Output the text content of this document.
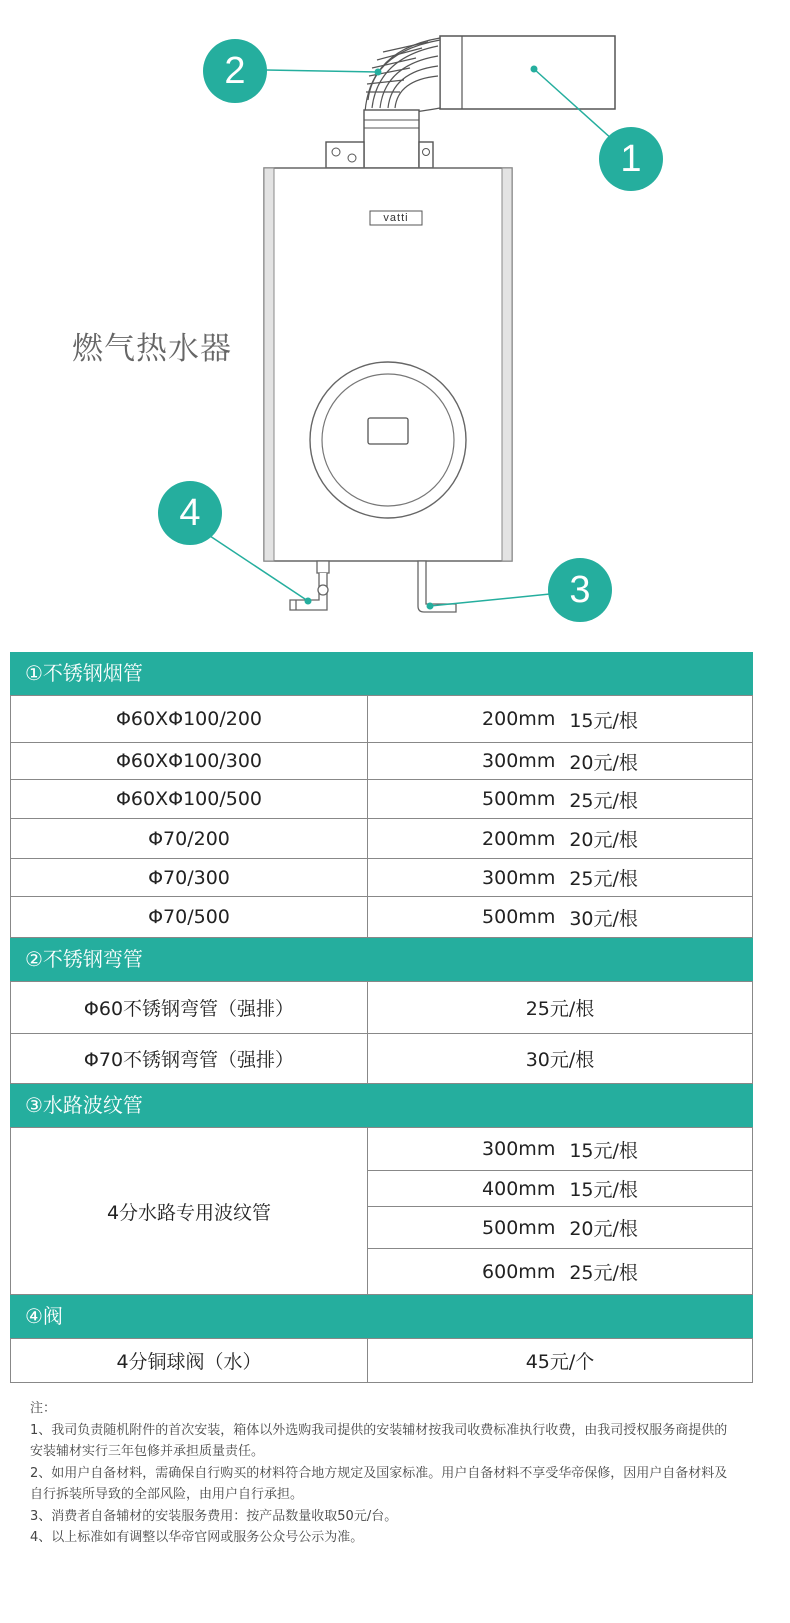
vatti
燃气热水器
2
1
4
3
①不锈钢烟管
Φ60XΦ100/200	200mm 15元/根
Φ60XΦ100/300	300mm 20元/根
Φ60XΦ100/500	500mm 25元/根
Φ70/200	200mm 20元/根
Φ70/300	300mm 25元/根
Φ70/500	500mm 30元/根
②不锈钢弯管
Φ60不锈钢弯管（强排）	25元/根
Φ70不锈钢弯管（强排）	30元/根
③水路波纹管
4分水路专用波纹管
300mm 15元/根
400mm 15元/根
500mm 20元/根
600mm 25元/根
④阀
4分铜球阀（水）	45元/个

注：

1、我司负责随机附件的首次安装，箱体以外选购我司提供的安装辅材按我司收费标准执行收费，由我司授权服务商提供的安装辅材实行三年包修并承担质量责任。

2、如用户自备材料，需确保自行购买的材料符合地方规定及国家标准。用户自备材料不享受华帝保修，因用户自备材料及自行拆装所导致的全部风险，由用户自行承担。

3、消费者自备辅材的安装服务费用：按产品数量收取50元/台。

4、以上标准如有调整以华帝官网或服务公众号公示为准。
